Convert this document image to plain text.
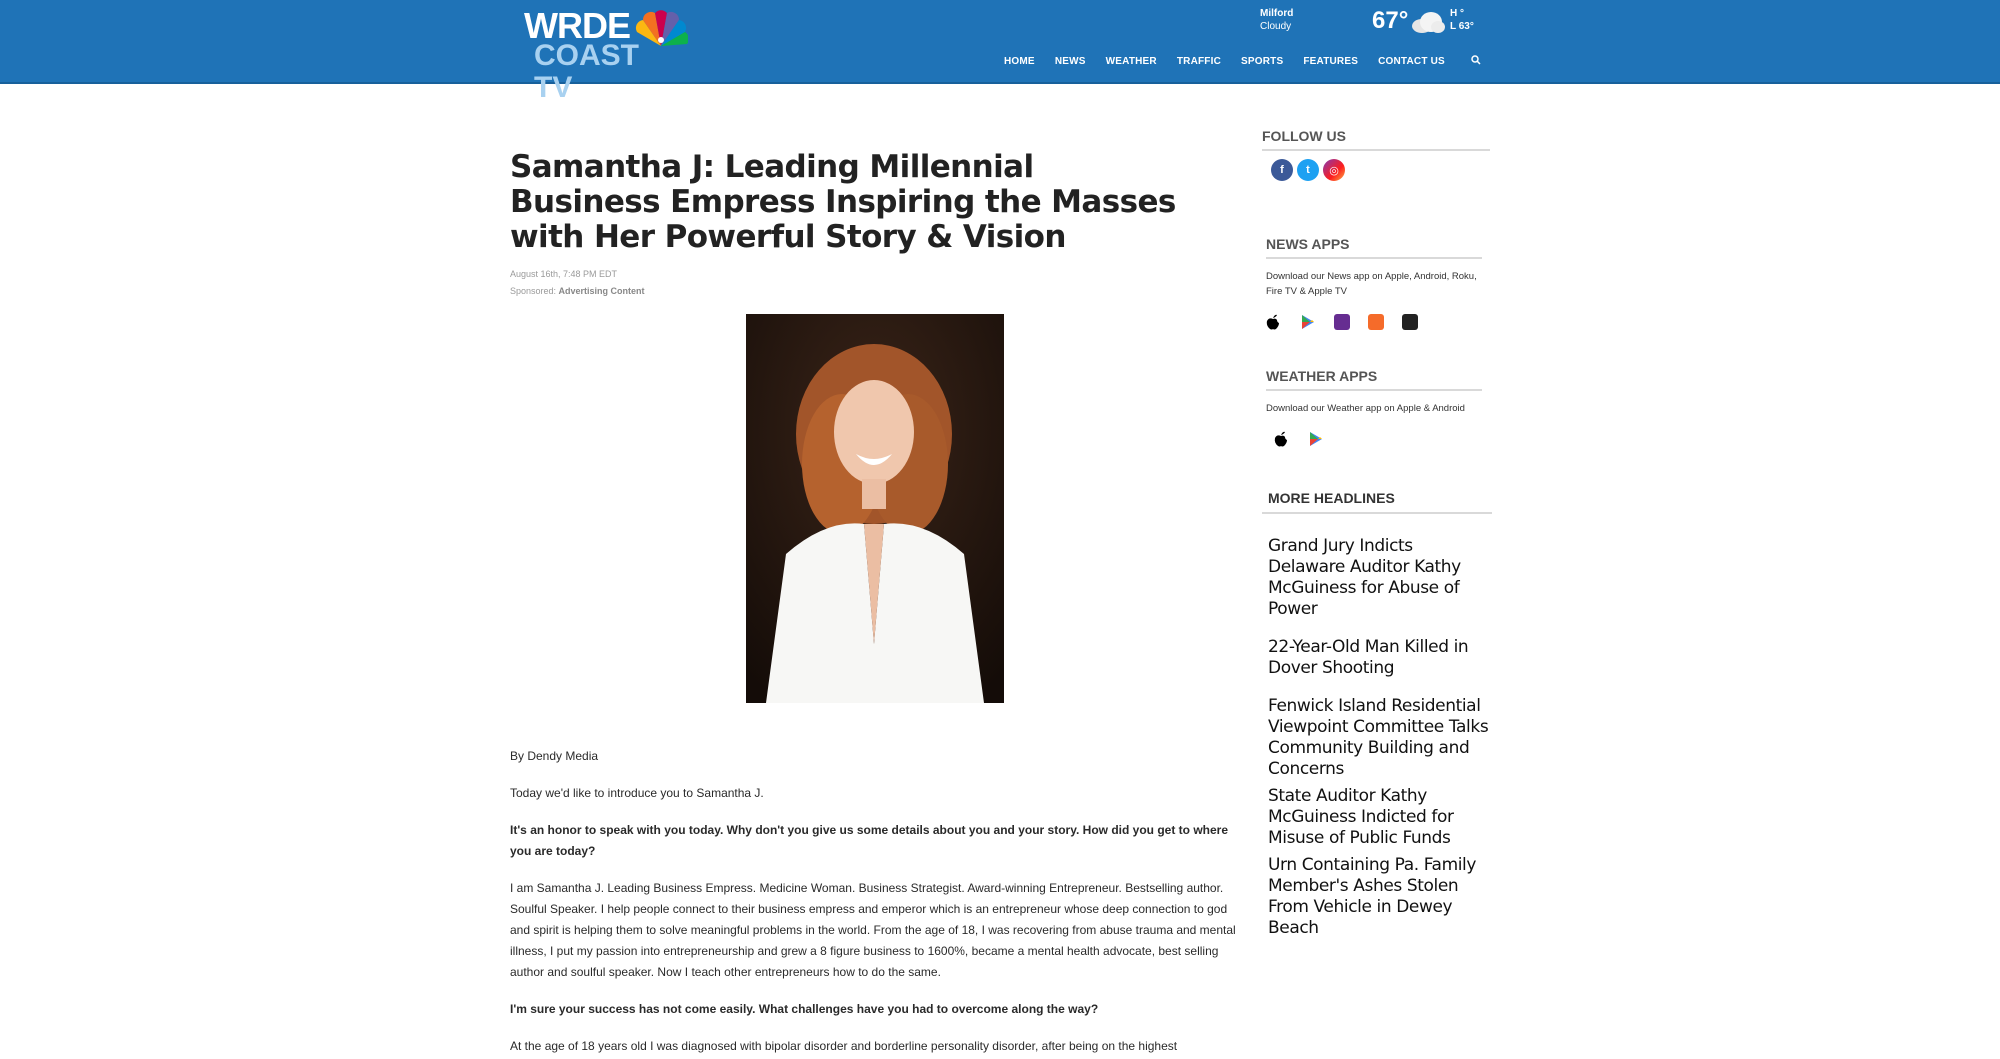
WRDE
COAST TV
Milford
Cloudy	67°	H °
L 63°
HOME NEWS WEATHER TRAFFIC SPORTS FEATURES CONTACT US
Samantha J: Leading Millennial Business Empress Inspiring the Masses with Her Powerful Story & Vision
August 16th, 7:48 PM EDT
Sponsored: Advertising Content

By Dendy Media

Today we'd like to introduce you to Samantha J.

It's an honor to speak with you today. Why don't you give us some details about you and your story. How did you get to where you are today?

I am Samantha J. Leading Business Empress. Medicine Woman. Business Strategist. Award-winning Entrepreneur. Bestselling author. Soulful Speaker. I help people connect to their business empress and emperor which is an entrepreneur whose deep connection to god and spirit is helping them to solve meaningful problems in the world. From the age of 18, I was recovering from abuse trauma and mental illness, I put my passion into entrepreneurship and grew a 8 figure business to 1600%, became a mental health advocate, best selling author and soulful speaker. Now I teach other entrepreneurs how to do the same.

I'm sure your success has not come easily. What challenges have you had to overcome along the way?

At the age of 18 years old I was diagnosed with bipolar disorder and borderline personality disorder, after being on the highest

FOLLOW US
f	t	◎
NEWS APPS
Download our News app on Apple, Android, Roku, Fire TV & Apple TV
WEATHER APPS
Download our Weather app on Apple & Android
MORE HEADLINES
Grand Jury Indicts Delaware Auditor Kathy McGuiness for Abuse of Power
22-Year-Old Man Killed in Dover Shooting
Fenwick Island Residential Viewpoint Committee Talks Community Building and Concerns
State Auditor Kathy McGuiness Indicted for Misuse of Public Funds
Urn Containing Pa. Family Member's Ashes Stolen From Vehicle in Dewey Beach
